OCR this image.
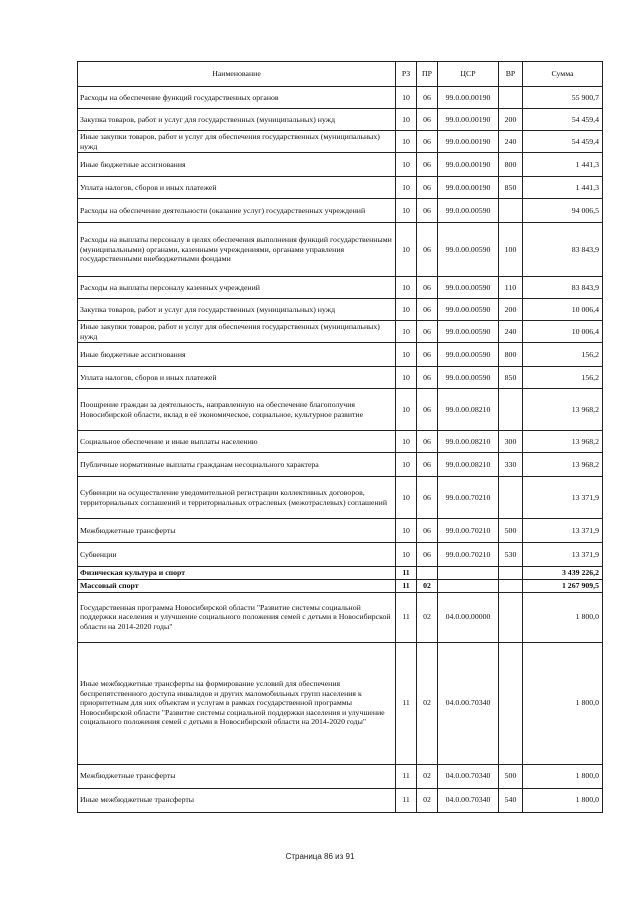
Наименование	РЗ	ПР	ЦСР	ВР	Сумма
Расходы на обеспечение функций государственных органов	10	06	99.0.00.00190		55 900,7
Закупка товаров, работ и услуг для государственных (муниципальных) нужд	10	06	99.0.00.00190	200	54 459,4
Иные закупки товаров, работ и услуг для обеспечения государственных (муниципальных) нужд	10	06	99.0.00.00190	240	54 459,4
Иные бюджетные ассигнования	10	06	99.0.00.00190	800	1 441,3
Уплата налогов, сборов и иных платежей	10	06	99.0.00.00190	850	1 441,3
Расходы на обеспечение деятельности (оказание услуг) государственных учреждений	10	06	99.0.00.00590		94 006,5
Расходы на выплаты персоналу в целях обеспечения выполнения функций государственными (муниципальными) органами, казенными учреждениями, органами управления государственными внебюджетными фондами	10	06	99.0.00.00590	100	83 843,9
Расходы на выплаты персоналу казенных учреждений	10	06	99.0.00.00590	110	83 843,9
Закупка товаров, работ и услуг для государственных (муниципальных) нужд	10	06	99.0.00.00590	200	10 006,4
Иные закупки товаров, работ и услуг для обеспечения государственных (муниципальных) нужд	10	06	99.0.00.00590	240	10 006,4
Иные бюджетные ассигнования	10	06	99.0.00.00590	800	156,2
Уплата налогов, сборов и иных платежей	10	06	99.0.00.00590	850	156,2
Поощрение граждан за деятельность, направленную на обеспечение благополучия Новосибирской области, вклад в её экономическое, социальное, культурное развитие	10	06	99.0.00.08210		13 968,2
Социальное обеспечение и иные выплаты населению	10	06	99.0.00.08210	300	13 968,2
Публичные нормативные выплаты гражданам несоциального характера	10	06	99.0.00.08210	330	13 968,2
Субвенции на осуществление уведомительной регистрации коллективных договоров, территориальных соглашений и территориальных отраслевых (межотраслевых) соглашений	10	06	99.0.00.70210		13 371,9
Межбюджетные трансферты	10	06	99.0.00.70210	500	13 371,9
Субвенции	10	06	99.0.00.70210	530	13 371,9
Физическая культура и спорт	11				3 439 226,2
Массовый спорт	11	02			1 267 909,5
Государственная программа Новосибирской области "Развитие системы социальной поддержки населения и улучшение социального положения семей с детьми в Новосибирской области на 2014-2020 годы"	11	02	04.0.00.00000		1 800,0
Иные межбюджетные трансферты на формирование условий для обеспечения беспрепятственного доступа инвалидов и других маломобильных групп населения к приоритетным для них объектам и услугам в рамках государственной программы Новосибирской области "Развитие системы социальной поддержки населения и улучшение социального положения семей с детьми в Новосибирской области на 2014-2020 годы"	11	02	04.0.00.70340		1 800,0
Межбюджетные трансферты	11	02	04.0.00.70340	500	1 800,0
Иные межбюджетные трансферты	11	02	04.0.00.70340	540	1 800,0
Страница 86 из 91
